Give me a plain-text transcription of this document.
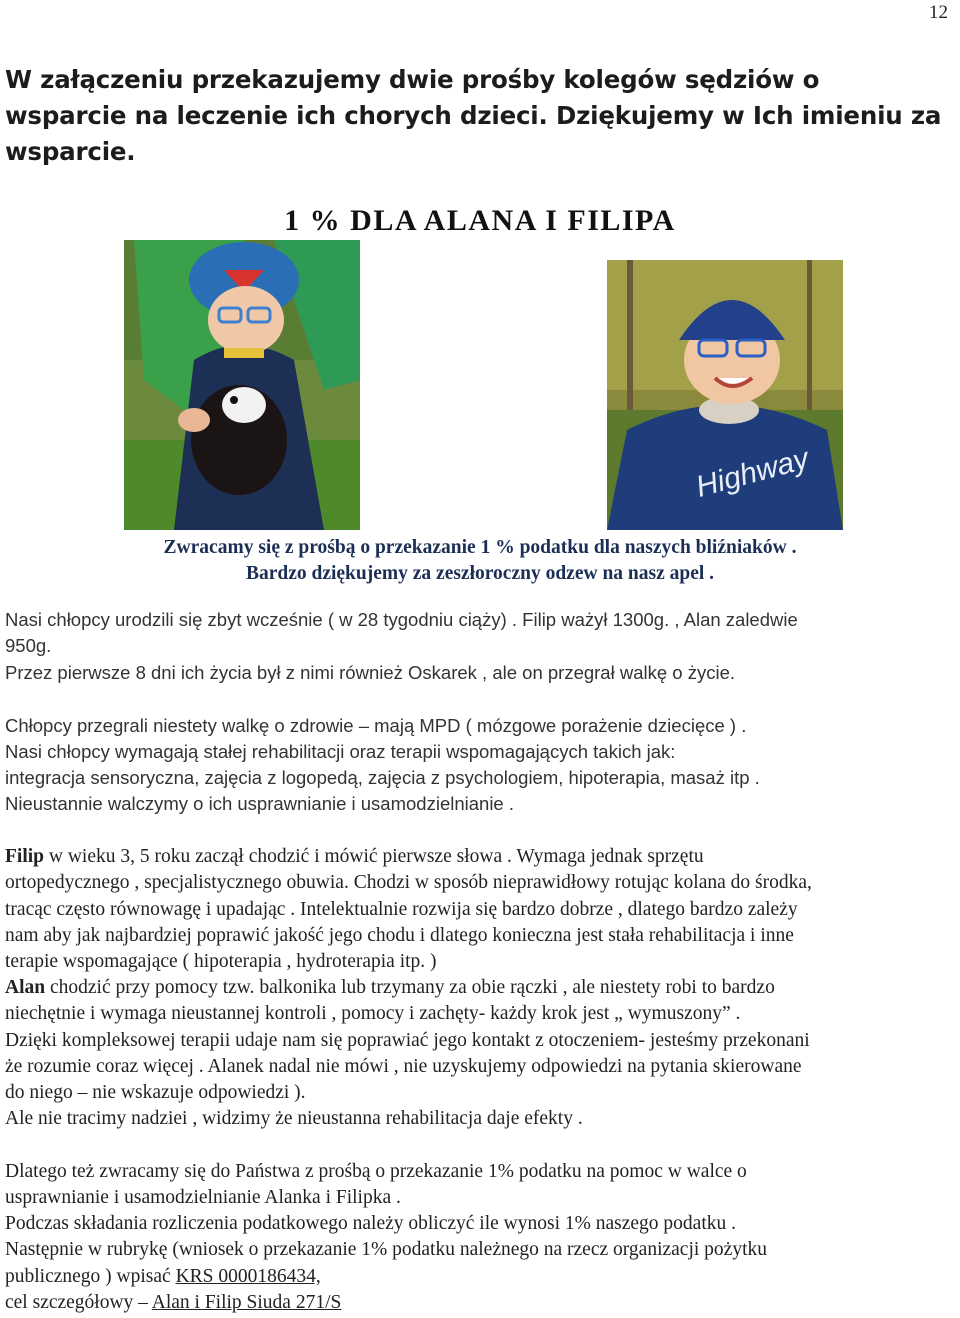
12

W załączeniu przekazujemy dwie prośby kolegów sędziów o wsparcie na leczenie ich chorych dzieci. Dziękujemy w Ich imieniu za wsparcie.

1 % DLA ALANA I FILIPA
Highway

Zwracamy się z prośbą o przekazanie 1 % podatku dla naszych bliźniaków .

Bardzo dziękujemy za zeszłoroczny odzew na nasz apel .

Nasi chłopcy urodzili się zbyt wcześnie ( w 28 tygodniu ciąży) . Filip ważył 1300g. , Alan zaledwie

950g.

Przez pierwsze 8 dni ich życia był z nimi również Oskarek , ale on przegrał walkę o życie.

Chłopcy przegrali niestety walkę o zdrowie – mają MPD ( mózgowe porażenie dziecięce ) .

Nasi chłopcy wymagają stałej rehabilitacji oraz terapii wspomagających takich jak:

integracja sensoryczna, zajęcia z logopedą, zajęcia z psychologiem, hipoterapia, masaż itp .

Nieustannie walczymy o ich usprawnianie i usamodzielnianie .

Filip w wieku 3, 5 roku zaczął chodzić i mówić pierwsze słowa . Wymaga jednak sprzętu

ortopedycznego , specjalistycznego obuwia. Chodzi w sposób nieprawidłowy rotując kolana do środka,

tracąc często równowagę i upadając . Intelektualnie rozwija się bardzo dobrze , dlatego bardzo zależy

nam aby jak najbardziej poprawić jakość jego chodu i dlatego konieczna jest stała rehabilitacja i inne

terapie wspomagające ( hipoterapia , hydroterapia itp. )

Alan chodzić przy pomocy tzw. balkonika lub trzymany za obie rączki , ale niestety robi to bardzo

niechętnie i wymaga nieustannej kontroli , pomocy i zachęty- każdy krok jest „ wymuszony” .

Dzięki kompleksowej terapii udaje nam się poprawiać jego kontakt z otoczeniem- jesteśmy przekonani

że rozumie coraz więcej . Alanek nadal nie mówi , nie uzyskujemy odpowiedzi na pytania skierowane

do niego – nie wskazuje odpowiedzi ).

Ale nie tracimy nadziei , widzimy że nieustanna rehabilitacja daje efekty .

Dlatego też zwracamy się do Państwa z prośbą o przekazanie 1% podatku na pomoc w walce o

usprawnianie i usamodzielnianie Alanka i Filipka .

Podczas składania rozliczenia podatkowego należy obliczyć ile wynosi 1% naszego podatku .

Następnie w rubrykę (wniosek o przekazanie 1% podatku należnego na rzecz organizacji pożytku

publicznego ) wpisać KRS 0000186434,

cel szczegółowy – Alan i Filip Siuda 271/S
